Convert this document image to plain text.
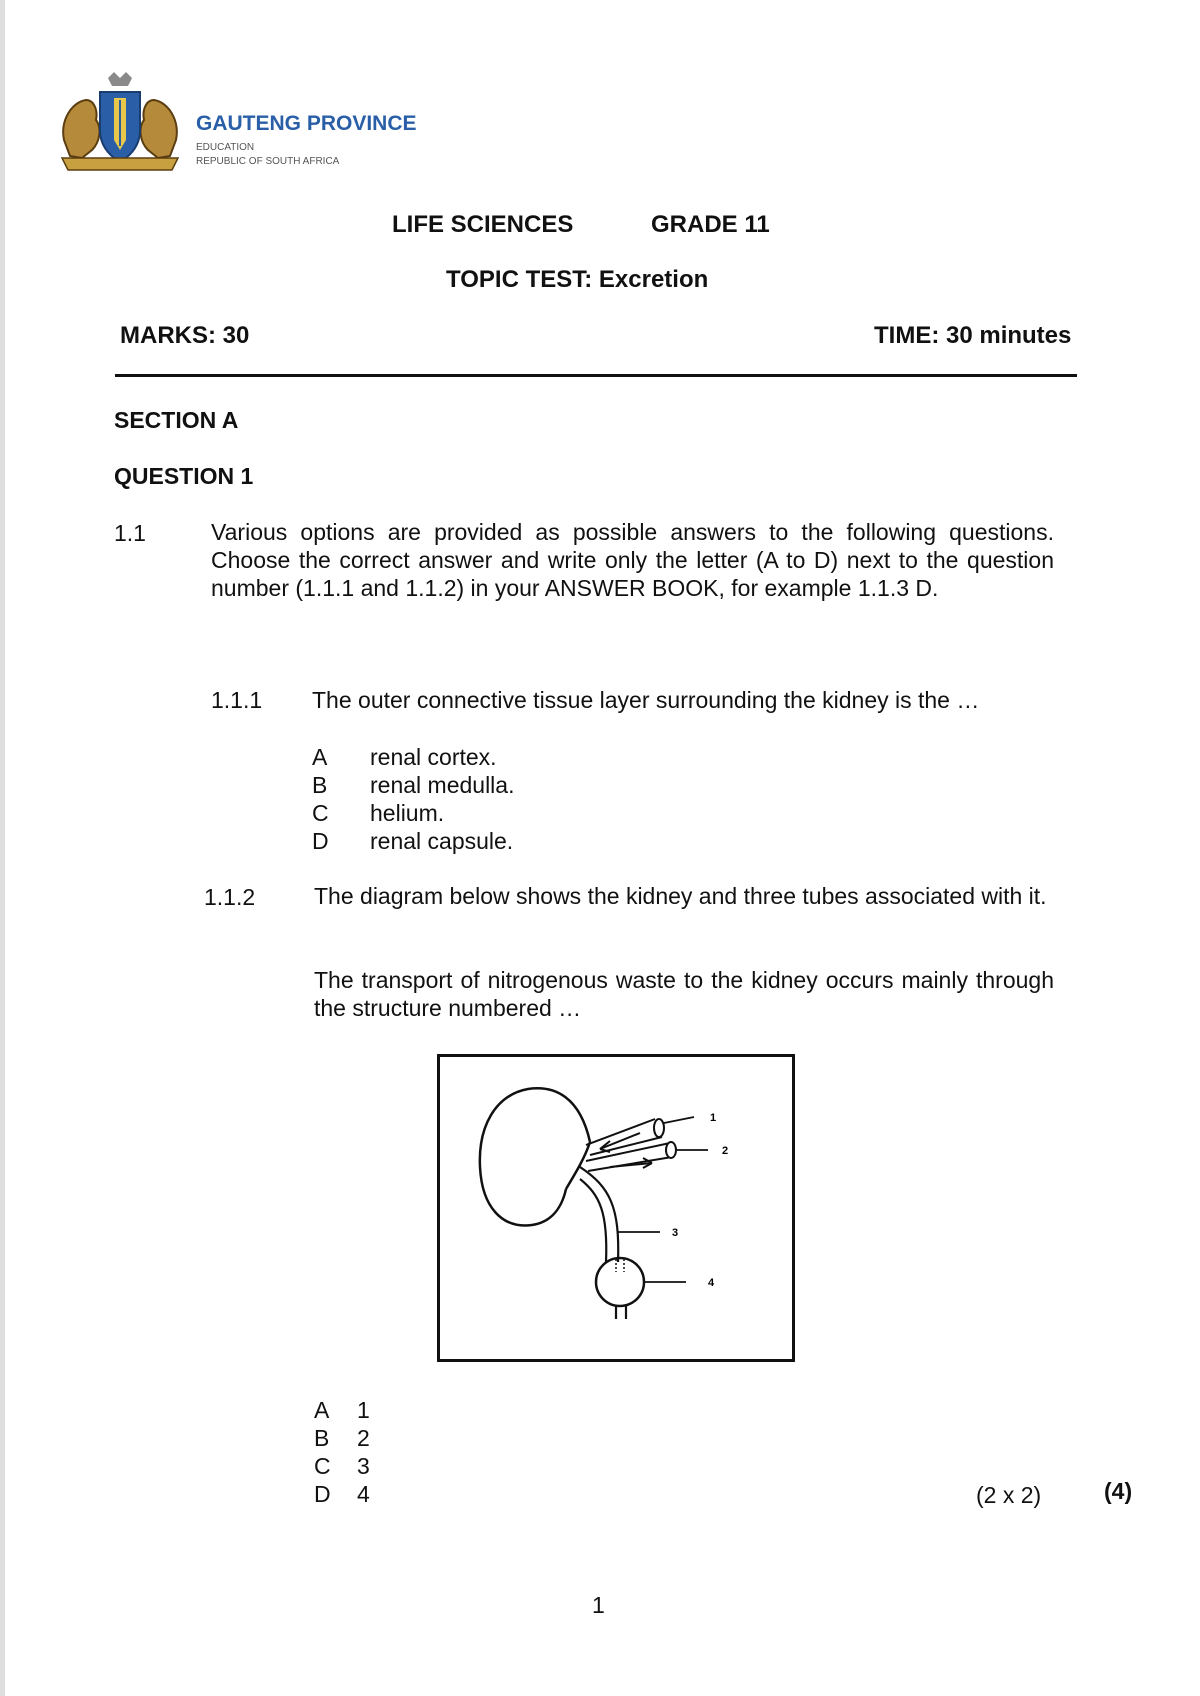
GAUTENG PROVINCE
EDUCATION
REPUBLIC OF SOUTH AFRICA
LIFE SCIENCES	GRADE 11
TOPIC TEST: Excretion
MARKS: 30	TIME: 30 minutes
SECTION A
QUESTION 1
1.1	Various options are provided as possible answers to the following questions. Choose the correct answer and write only the letter (A to D) next to the question number (1.1.1 and 1.1.2) in your ANSWER BOOK, for example 1.1.3 D.
1.1.1 The outer connective tissue layer surrounding the kidney is the …
A renal cortex.
B renal medulla.
C helium.
D renal capsule.
1.1.2	The diagram below shows the kidney and three tubes associated with it.
The transport of nitrogenous waste to the kidney occurs mainly through the structure numbered …
1
2
3
4
A 1
B 2
C 3
D 4	(2 x 2)	(4)
1
